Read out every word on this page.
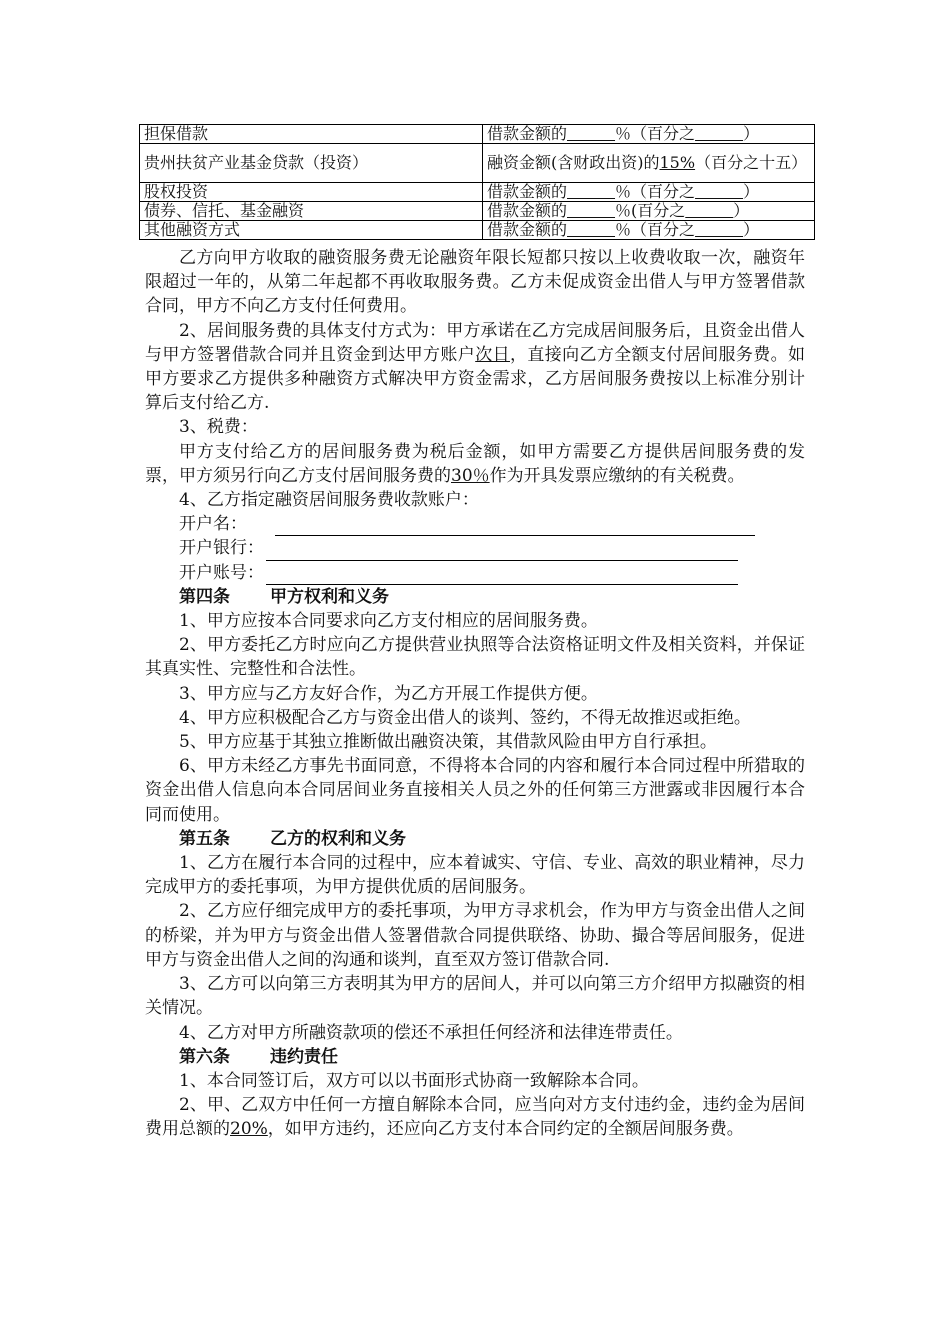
担保借款	借款金额的　　　 ％（百分之　　　 ）
贵州扶贫产业基金贷款（投资）	融资金额(含财政出资)的15%（百分之十五）
股权投资	借款金额的　　　 ％（百分之　　　 ）
债券、信托、基金融资	借款金额的　　　 ％(百分之　　　 ）
其他融资方式	借款金额的　　　 ％（百分之　　　 ）

乙方向甲方收取的融资服务费无论融资年限长短都只按以上收费收取一次，融资年限超过一年的，从第二年起都不再收取服务费。乙方未促成资金出借人与甲方签署借款合同，甲方不向乙方支付任何费用。

2、居间服务费的具体支付方式为：甲方承诺在乙方完成居间服务后，且资金出借人与甲方签署借款合同并且资金到达甲方账户次日，直接向乙方全额支付居间服务费。如甲方要求乙方提供多种融资方式解决甲方资金需求，乙方居间服务费按以上标准分别计算后支付给乙方.

3、税费：

甲方支付给乙方的居间服务费为税后金额，如甲方需要乙方提供居间服务费的发票，甲方须另行向乙方支付居间服务费的30％作为开具发票应缴纳的有关税费。

4、乙方指定融资居间服务费收款账户：

开户名：
开户银行：
开户账号：

第四条 甲方权利和义务

1、甲方应按本合同要求向乙方支付相应的居间服务费。

2、甲方委托乙方时应向乙方提供营业执照等合法资格证明文件及相关资料，并保证其真实性、完整性和合法性。

3、甲方应与乙方友好合作，为乙方开展工作提供方便。

4、甲方应积极配合乙方与资金出借人的谈判、签约，不得无故推迟或拒绝。

5、甲方应基于其独立推断做出融资决策，其借款风险由甲方自行承担。

6、甲方未经乙方事先书面同意，不得将本合同的内容和履行本合同过程中所猎取的资金出借人信息向本合同居间业务直接相关人员之外的任何第三方泄露或非因履行本合同而使用。

第五条 乙方的权利和义务

1、乙方在履行本合同的过程中，应本着诚实、守信、专业、高效的职业精神，尽力完成甲方的委托事项，为甲方提供优质的居间服务。

2、乙方应仔细完成甲方的委托事项，为甲方寻求机会，作为甲方与资金出借人之间的桥梁，并为甲方与资金出借人签署借款合同提供联络、协助、撮合等居间服务，促进甲方与资金出借人之间的沟通和谈判，直至双方签订借款合同.

3、乙方可以向第三方表明其为甲方的居间人，并可以向第三方介绍甲方拟融资的相关情况。

4、乙方对甲方所融资款项的偿还不承担任何经济和法律连带责任。

第六条 违约责任

1、本合同签订后，双方可以以书面形式协商一致解除本合同。

2、甲、乙双方中任何一方擅自解除本合同，应当向对方支付违约金，违约金为居间费用总额的20%，如甲方违约，还应向乙方支付本合同约定的全额居间服务费。
